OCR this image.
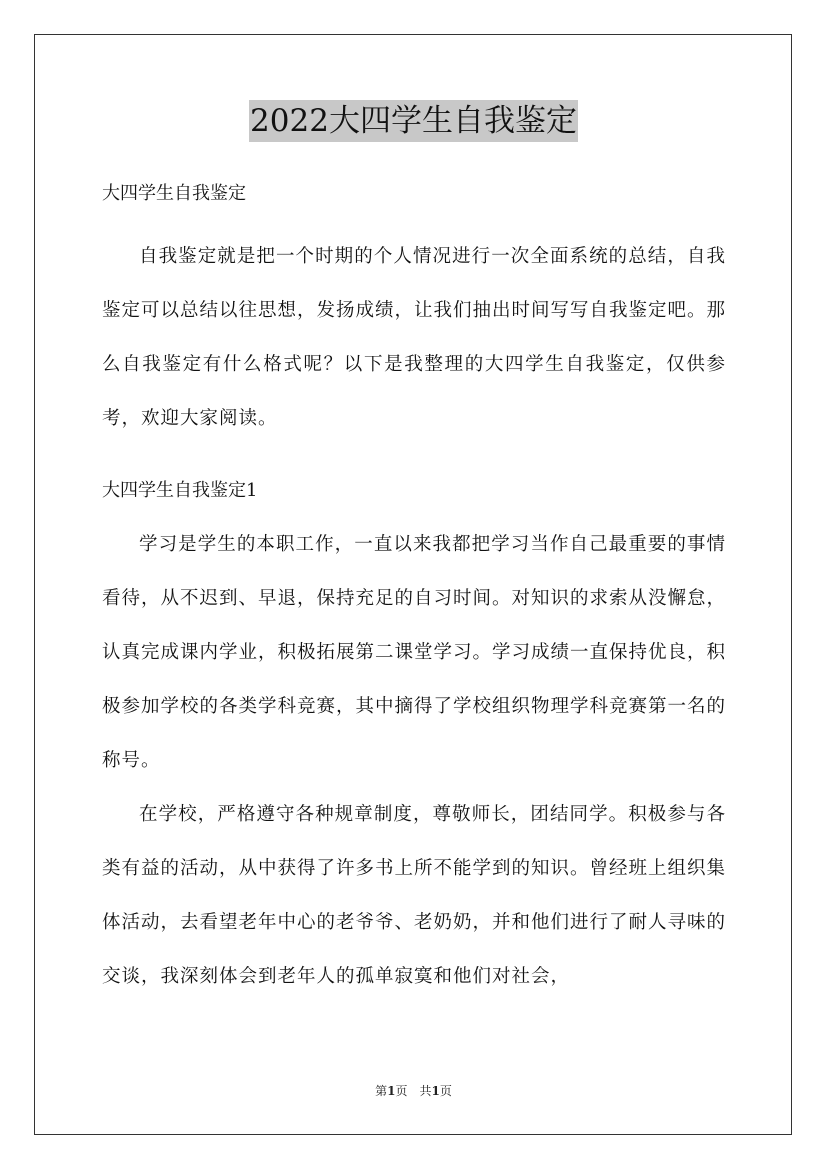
2022大四学生自我鉴定

大四学生自我鉴定

自我鉴定就是把一个时期的个人情况进行一次全面系统的总结，自我鉴定可以总结以往思想，发扬成绩，让我们抽出时间写写自我鉴定吧。那么自我鉴定有什么格式呢？以下是我整理的大四学生自我鉴定，仅供参考，欢迎大家阅读。

大四学生自我鉴定1

学习是学生的本职工作，一直以来我都把学习当作自己最重要的事情看待，从不迟到、早退，保持充足的自习时间。对知识的求索从没懈怠，认真完成课内学业，积极拓展第二课堂学习。学习成绩一直保持优良，积极参加学校的各类学科竞赛，其中摘得了学校组织物理学科竞赛第一名的称号。

在学校，严格遵守各种规章制度，尊敬师长，团结同学。积极参与各类有益的活动，从中获得了许多书上所不能学到的知识。曾经班上组织集体活动，去看望老年中心的老爷爷、老奶奶，并和他们进行了耐人寻味的交谈，我深刻体会到老年人的孤单寂寞和他们对社会，

第1页　共1页
